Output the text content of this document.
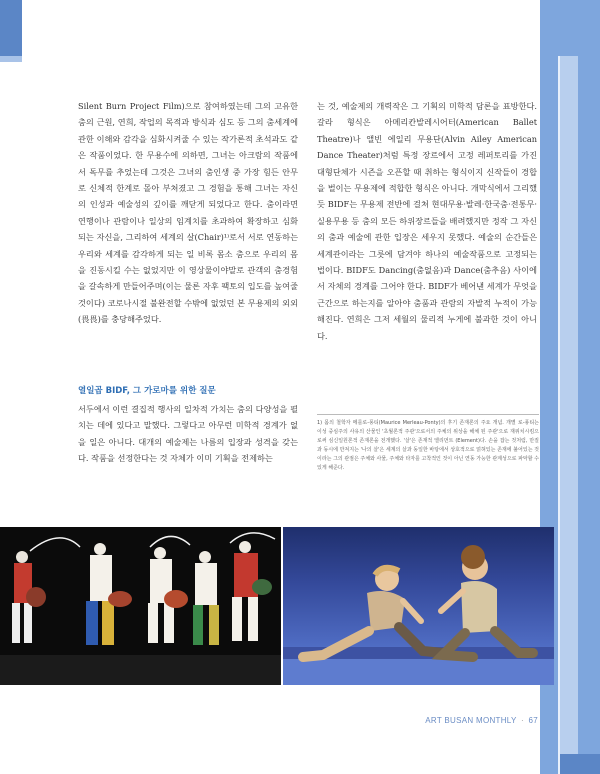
Silent Burn Project Film)으로 참여하였는데 그의 고유한 춤의 근원, 연희, 작업의 목적과 방식과 심도 등 그의 춤세계에 관한 이해와 감각을 심화시켜줄 수 있는 작가론적 초석과도 같은 작품이었다. 한 무용수에 의하면, 그녀는 아크람의 작품에서 독무를 추었는데 그것은 그녀의 춤인생 중 가장 힘든 안무로 신체적 한계로 몰아 부쳐졌고 그 경험을 통해 그녀는 자신의 인성과 예술성의 깊이를 깨닫게 되었다고 한다. 춤이라면 연행이나 관람이나 일상의 임계치를 초과하여 확장하고 심화되는 자신을, 그리하여 세계의 살(Chair)¹⁾로서 서로 연동하는 우리와 세계를 감각하게 되는 일 비록 몸소 춤으로 우리의 몸을 진동시킬 수는 없었지만 이 영상물이야말로 관객의 춤경험을 갈속하게 만들어주며(이는 물론 자후 팩토의 입도를 높여줄 것이다) 코로나시절 불완전할 수밖에 없었던 본 무용제의 외외(畏畏)를 충당해주었다.

열일곱 BIDF, 그 가로마를 위한 질문

서두에서 이런 결집적 행사의 일차적 가치는 춤의 다양성을 펼치는 데에 있다고 말했다. 그렇다고 아무런 미학적 경계가 없을 일은 아니다. 대개의 예술제는 나름의 입장과 성격을 갖는다. 작품을 선정한다는 것 자체가 이미 기획을 전제하는

는 것, 예술제의 개력작은 그 기획의 미학적 담론을 표방한다. 갈라 형식은 아메리칸발레시어터(American Ballet Theatre)나 앨빈 에일리 무용단(Alvin Ailey American Dance Theater)처럼 특정 장르에서 고정 레퍼토리를 가진 대형단체가 시즌을 오픈할 때 취하는 형식이지 신작들이 경합을 벌이는 무용제에 적합한 형식은 아니다. 개막식에서 그리했듯 BIDF는 무용제 전반에 걸쳐 현대무용·발레·한국춤·전통무·실용무용 등 춤의 모든 하위장르들을 배려했지만 정작 그 자신의 춤과 예술에 관한 입장은 세우지 못했다. 예술의 순간들은 세계관이라는 그릇에 담겨야 하나의 예술작품으로 고정되는 법이다. BIDF도 Dancing(춤없음)과 Dance(춤추음) 사이에서 자체의 경계를 그어야 한다. BIDF가 베어낸 세계가 무엇을 근간으로 하는지를 알아야 춤품과 관람의 자발적 누적이 가능해진다. 연희은 그저 세월의 물리적 누게에 불과한 것이 아니다.

1) 몸의 철학자 메를로-퐁티(Maurice Merleau-Ponty)의 후기 존재론의 주요 개념. 개별 로-퐁티는 이성 중심주의 사유의 산물인 '초월론적 주관'으로서의 주체의 위상을 해체 된 주관'으로 재위치시킴으로써 심신일원론적 존재론을 전개했다. '살'은 존재적 엘리먼트 (Element)다. 손을 잡는 것처럼, 만질과 동시에 만져지는 '나의 살'은 세계의 살과 동일한 바탕에서 상호적으로 얽혀있는 존재에 불어있는 것이라는 그의 관점은 주체와 사물, 주체와 타자를 고착적인 것이 아닌 연동 가능한 관계성으로 파악할 수 있게 해준다.
ART BUSAN MONTHLY · 67
